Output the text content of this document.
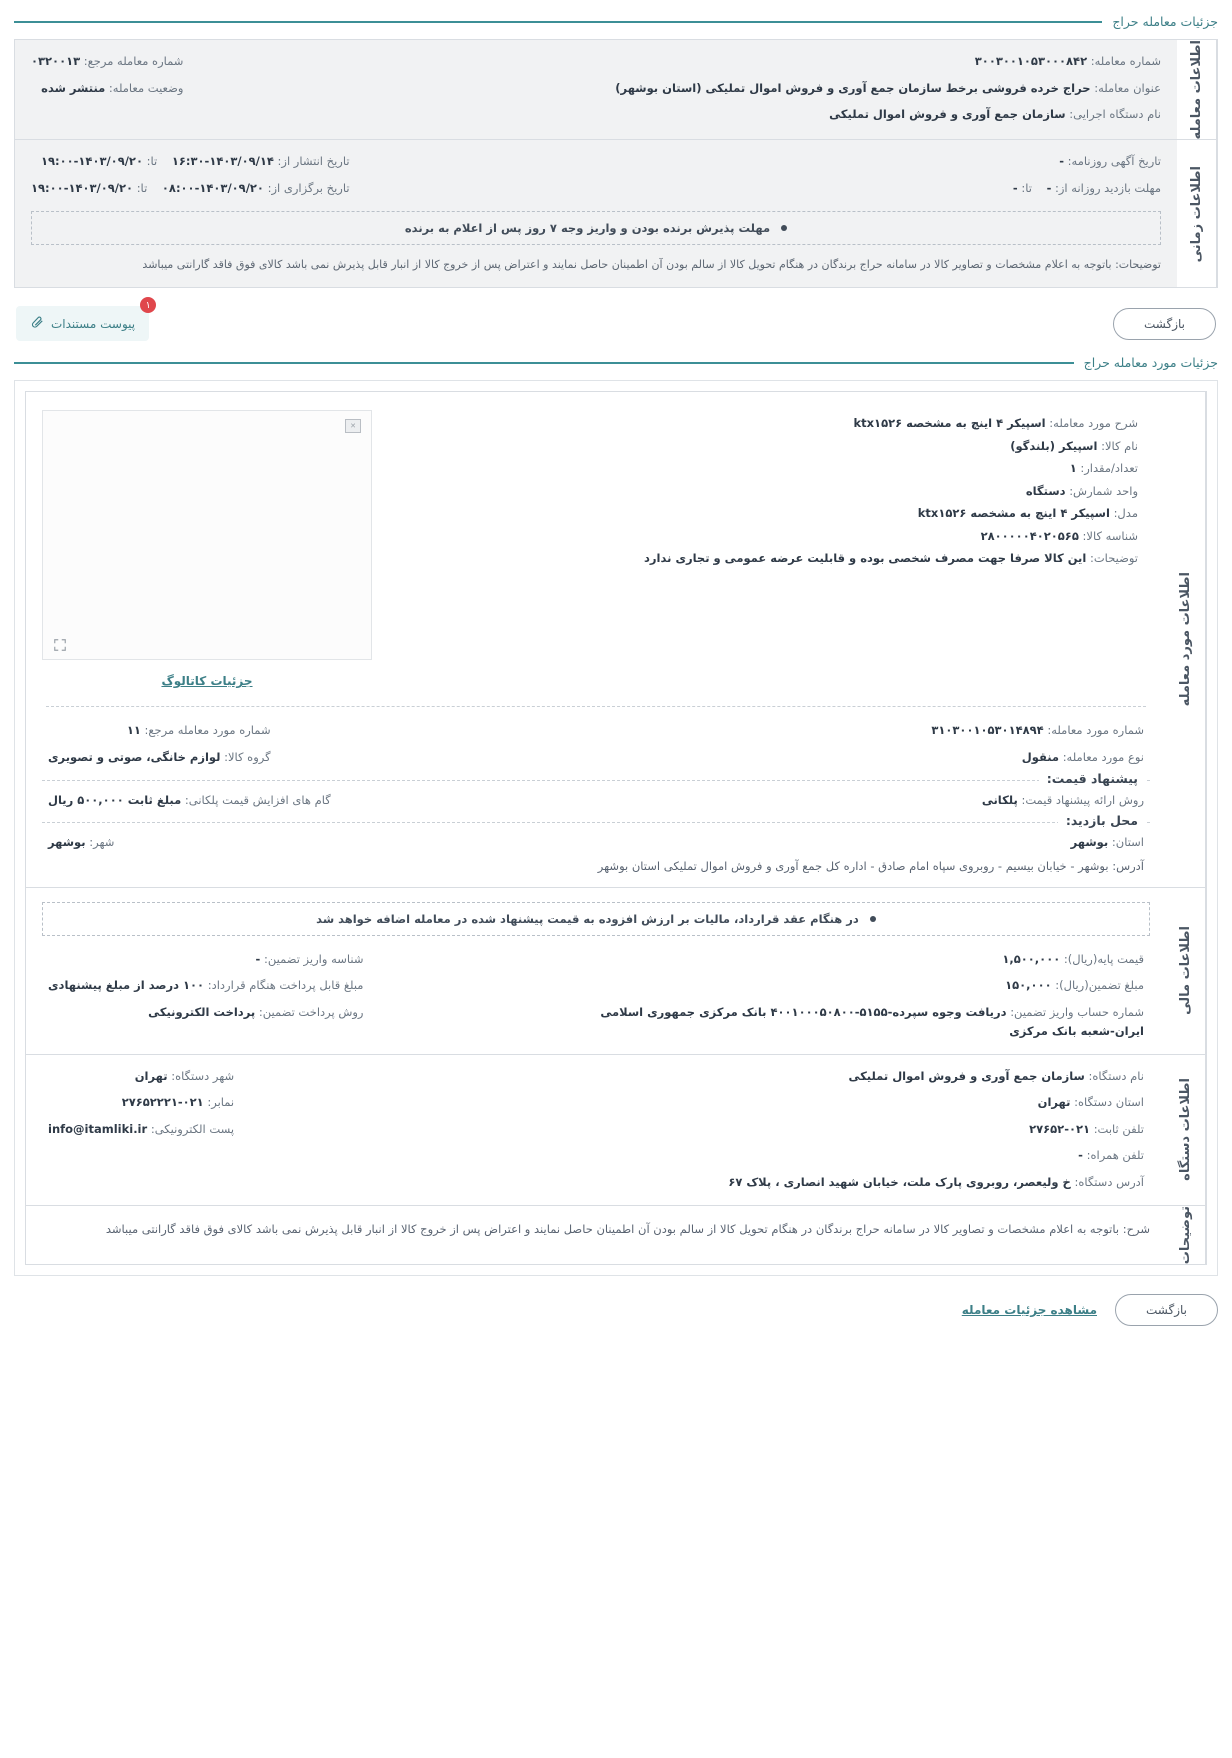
جزئیات معامله حراج
اطلاعات معامله
شماره معامله: ۳۰۰۳۰۰۱۰۵۳۰۰۰۸۴۲
عنوان معامله: حراج خرده فروشی برخط سازمان جمع آوری و فروش اموال تملیکی (استان بوشهر)
نام دستگاه اجرایی: سازمان جمع آوری و فروش اموال تملیکی
شماره معامله مرجع: ۰۳۲۰۰۱۳
وضعیت معامله: منتشر شده
اطلاعات زمانی
تاریخ آگهی روزنامه: -
مهلت بازدید روزانه از: -    تا: -
تاریخ انتشار از: ۱۴۰۳/۰۹/۱۴-۱۶:۳۰    تا: ۱۴۰۳/۰۹/۲۰-۱۹:۰۰
تاریخ برگزاری از: ۱۴۰۳/۰۹/۲۰-۰۸:۰۰    تا: ۱۴۰۳/۰۹/۲۰-۱۹:۰۰
مهلت پذیرش برنده بودن و واریز وجه ۷ روز پس از اعلام به برنده
توضیحات: باتوجه به اعلام مشخصات و تصاویر کالا در سامانه حراج برندگان در هنگام تحویل کالا از سالم بودن آن اطمینان حاصل نمایند و اعتراض پس از خروج کالا از انبار قابل پذیرش نمی باشد کالای فوق فاقد گارانتی میباشد
بازگشت
۱
پیوست مستندات
جزئیات مورد معامله حراج
اطلاعات مورد معامله
شرح مورد معامله: اسپیکر ۴ اینچ به مشخصه ktx۱۵۲۶
نام کالا: اسپیکر (بلندگو)
تعداد/مقدار: ۱
واحد شمارش: دستگاه
مدل: اسپیکر ۴ اینچ به مشخصه ktx۱۵۲۶
شناسه کالا: ۲۸۰۰۰۰۰۴۰۲۰۵۶۵
توضیحات: این کالا صرفا جهت مصرف شخصی بوده و قابلیت عرضه عمومی و تجاری ندارد
✕
جزئیات کاتالوگ
شماره مورد معامله: ۳۱۰۳۰۰۱۰۵۳۰۱۴۸۹۴
نوع مورد معامله: منقول
شماره مورد معامله مرجع: ۱۱
گروه کالا: لوازم خانگی، صوتی و تصویری
پیشنهاد قیمت:
روش ارائه پیشنهاد قیمت: پلکانی
گام های افزایش قیمت پلکانی: مبلغ ثابت ۵۰۰,۰۰۰ ریال
محل بازدید:
استان: بوشهر
شهر: بوشهر
آدرس: بوشهر - خیابان بیسیم - روبروی سپاه امام صادق - اداره کل جمع آوری و فروش اموال تملیکی استان بوشهر
اطلاعات مالی
در هنگام عقد قرارداد، مالیات بر ارزش افزوده به قیمت پیشنهاد شده در معامله اضافه خواهد شد
قیمت پایه(ریال): ۱,۵۰۰,۰۰۰
مبلغ تضمین(ریال): ۱۵۰,۰۰۰
شماره حساب واریز تضمین: دریافت وجوه سپرده-۵۱۵۵-۴۰۰۱۰۰۰۵۰۸۰۰ بانک مرکزی جمهوری اسلامی ایران-شعبه بانک مرکزی
شناسه واریز تضمین: -
مبلغ قابل پرداخت هنگام قرارداد: ۱۰۰ درصد از مبلغ پیشنهادی
روش پرداخت تضمین: پرداخت الکترونیکی
اطلاعات دستگاه
نام دستگاه: سازمان جمع آوری و فروش اموال تملیکی
استان دستگاه: تهران
تلفن ثابت: ۰۲۱-۲۷۶۵۲
تلفن همراه: -
آدرس دستگاه: خ ولیعصر، روبروی پارک ملت، خیابان شهید انصاری ، پلاک ۶۷
شهر دستگاه: تهران
نمابر: ۰۲۱-۲۷۶۵۲۲۲۱
پست الکترونیکی: info@itamliki.ir
توضیحات
شرح: باتوجه به اعلام مشخصات و تصاویر کالا در سامانه حراج برندگان در هنگام تحویل کالا از سالم بودن آن اطمینان حاصل نمایند و اعتراض پس از خروج کالا از انبار قابل پذیرش نمی باشد کالای فوق فاقد گارانتی میباشد
بازگشت
مشاهده جزئیات معامله
